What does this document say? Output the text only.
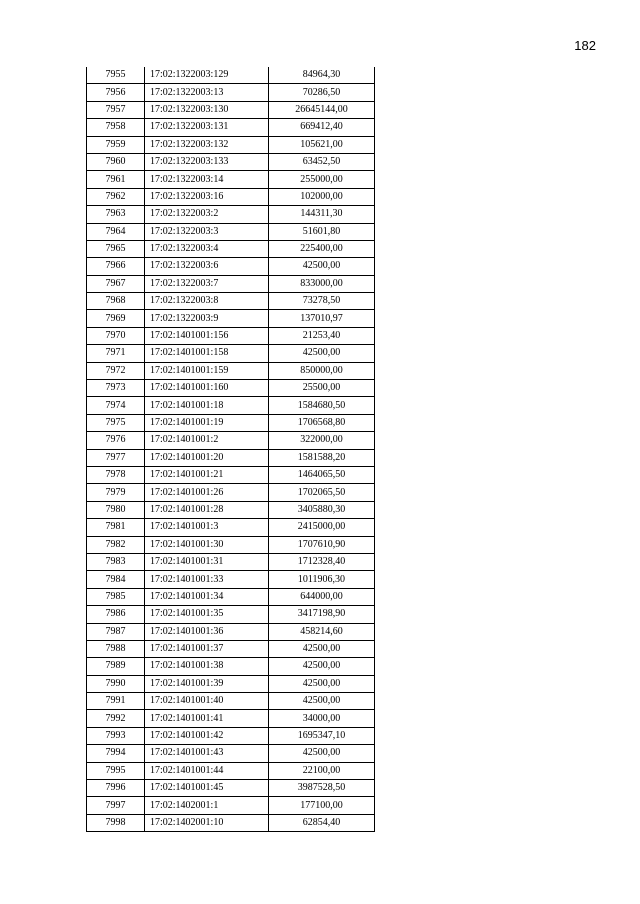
182
7955	17:02:1322003:129	84964,30
7956	17:02:1322003:13	70286,50
7957	17:02:1322003:130	26645144,00
7958	17:02:1322003:131	669412,40
7959	17:02:1322003:132	105621,00
7960	17:02:1322003:133	63452,50
7961	17:02:1322003:14	255000,00
7962	17:02:1322003:16	102000,00
7963	17:02:1322003:2	144311,30
7964	17:02:1322003:3	51601,80
7965	17:02:1322003:4	225400,00
7966	17:02:1322003:6	42500,00
7967	17:02:1322003:7	833000,00
7968	17:02:1322003:8	73278,50
7969	17:02:1322003:9	137010,97
7970	17:02:1401001:156	21253,40
7971	17:02:1401001:158	42500,00
7972	17:02:1401001:159	850000,00
7973	17:02:1401001:160	25500,00
7974	17:02:1401001:18	1584680,50
7975	17:02:1401001:19	1706568,80
7976	17:02:1401001:2	322000,00
7977	17:02:1401001:20	1581588,20
7978	17:02:1401001:21	1464065,50
7979	17:02:1401001:26	1702065,50
7980	17:02:1401001:28	3405880,30
7981	17:02:1401001:3	2415000,00
7982	17:02:1401001:30	1707610,90
7983	17:02:1401001:31	1712328,40
7984	17:02:1401001:33	1011906,30
7985	17:02:1401001:34	644000,00
7986	17:02:1401001:35	3417198,90
7987	17:02:1401001:36	458214,60
7988	17:02:1401001:37	42500,00
7989	17:02:1401001:38	42500,00
7990	17:02:1401001:39	42500,00
7991	17:02:1401001:40	42500,00
7992	17:02:1401001:41	34000,00
7993	17:02:1401001:42	1695347,10
7994	17:02:1401001:43	42500,00
7995	17:02:1401001:44	22100,00
7996	17:02:1401001:45	3987528,50
7997	17:02:1402001:1	177100,00
7998	17:02:1402001:10	62854,40
